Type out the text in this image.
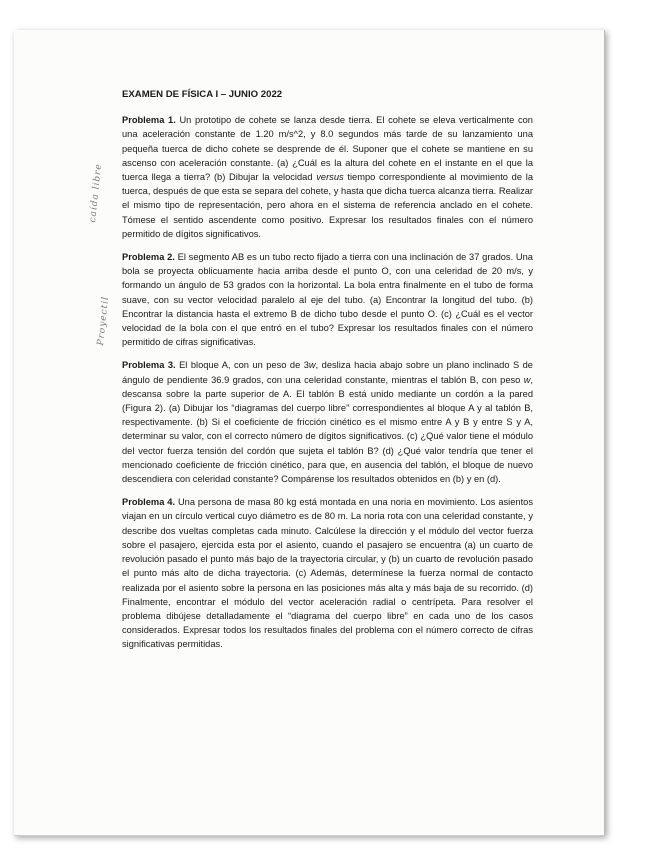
caída libre
Proyectil
EXAMEN DE FÍSICA I – JUNIO 2022

Problema 1. Un prototipo de cohete se lanza desde tierra. El cohete se eleva verticalmente con una aceleración constante de 1.20 m/s^2, y 8.0 segundos más tarde de su lanzamiento una pequeña tuerca de dicho cohete se desprende de él. Suponer que el cohete se mantiene en su ascenso con aceleración constante. (a) ¿Cuál es la altura del cohete en el instante en el que la tuerca llega a tierra? (b) Dibujar la velocidad versus tiempo correspondiente al movimiento de la tuerca, después de que esta se separa del cohete, y hasta que dicha tuerca alcanza tierra. Realizar el mismo tipo de representación, pero ahora en el sistema de referencia anclado en el cohete. Tómese el sentido ascendente como positivo. Expresar los resultados finales con el número permitido de dígitos significativos.

Problema 2. El segmento AB es un tubo recto fijado a tierra con una inclinación de 37 grados. Una bola se proyecta oblicuamente hacia arriba desde el punto O, con una celeridad de 20 m/s, y formando un ángulo de 53 grados con la horizontal. La bola entra finalmente en el tubo de forma suave, con su vector velocidad paralelo al eje del tubo. (a) Encontrar la longitud del tubo. (b) Encontrar la distancia hasta el extremo B de dicho tubo desde el punto O. (c) ¿Cuál es el vector velocidad de la bola con el que entró en el tubo? Expresar los resultados finales con el número permitido de cifras significativas.

Problema 3. El bloque A, con un peso de 3w, desliza hacia abajo sobre un plano inclinado S de ángulo de pendiente 36.9 grados, con una celeridad constante, mientras el tablón B, con peso w, descansa sobre la parte superior de A. El tablón B está unido mediante un cordón a la pared (Figura 2). (a) Dibujar los “diagramas del cuerpo libre” correspondientes al bloque A y al tablón B, respectivamente. (b) Si el coeficiente de fricción cinético es el mismo entre A y B y entre S y A, determinar su valor, con el correcto número de dígitos significativos. (c) ¿Qué valor tiene el módulo del vector fuerza tensión del cordón que sujeta el tablón B? (d) ¿Qué valor tendría que tener el mencionado coeficiente de fricción cinético, para que, en ausencia del tablón, el bloque de nuevo descendiera con celeridad constante? Compárense los resultados obtenidos en (b) y en (d).

Problema 4. Una persona de masa 80 kg está montada en una noria en movimiento. Los asientos viajan en un círculo vertical cuyo diámetro es de 80 m. La noria rota con una celeridad constante, y describe dos vueltas completas cada minuto. Calcúlese la dirección y el módulo del vector fuerza sobre el pasajero, ejercida esta por el asiento, cuando el pasajero se encuentra (a) un cuarto de revolución pasado el punto más bajo de la trayectoria circular, y (b) un cuarto de revolución pasado el punto más alto de dicha trayectoria. (c) Además, determínese la fuerza normal de contacto realizada por el asiento sobre la persona en las posiciones más alta y más baja de su recorrido. (d) Finalmente, encontrar el módulo del vector aceleración radial o centrípeta. Para resolver el problema dibújese detalladamente el “diagrama del cuerpo libre” en cada uno de los casos considerados. Expresar todos los resultados finales del problema con el número correcto de cifras significativas permitidas.
